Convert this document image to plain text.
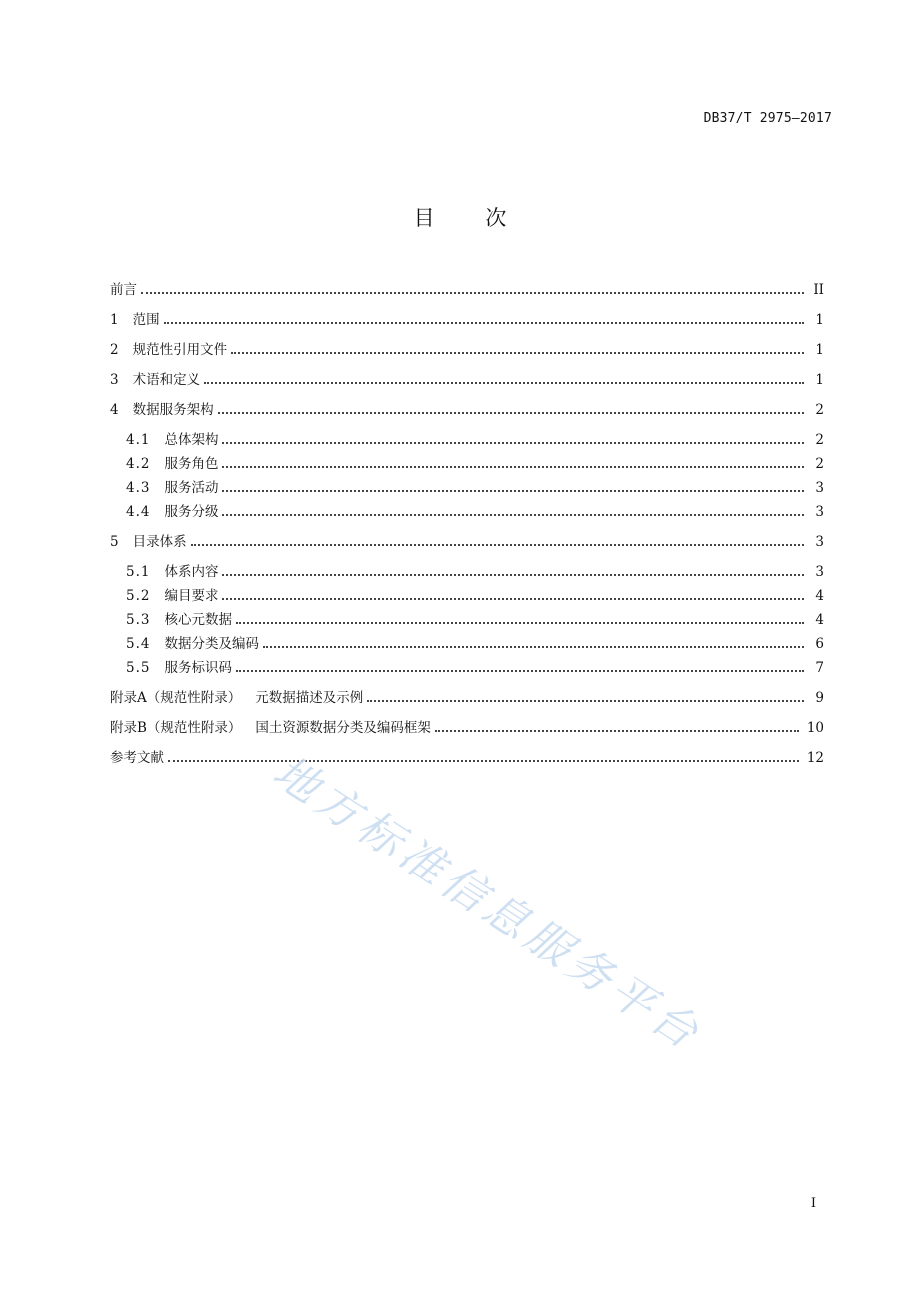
DB37/T 2975—2017
目 次
前言	II
1 范围	1
2 规范性引用文件	1
3 术语和定义	1
4 数据服务架构	2
4.1 总体架构	2
4.2 服务角色	2
4.3 服务活动	3
4.4 服务分级	3
5 目录体系	3
5.1 体系内容	3
5.2 编目要求	4
5.3 核心元数据	4
5.4 数据分类及编码	6
5.5 服务标识码	7
附录A（规范性附录） 元数据描述及示例	9
附录B（规范性附录） 国土资源数据分类及编码框架	10
参考文献	12
地方标准信息服务平台
I
